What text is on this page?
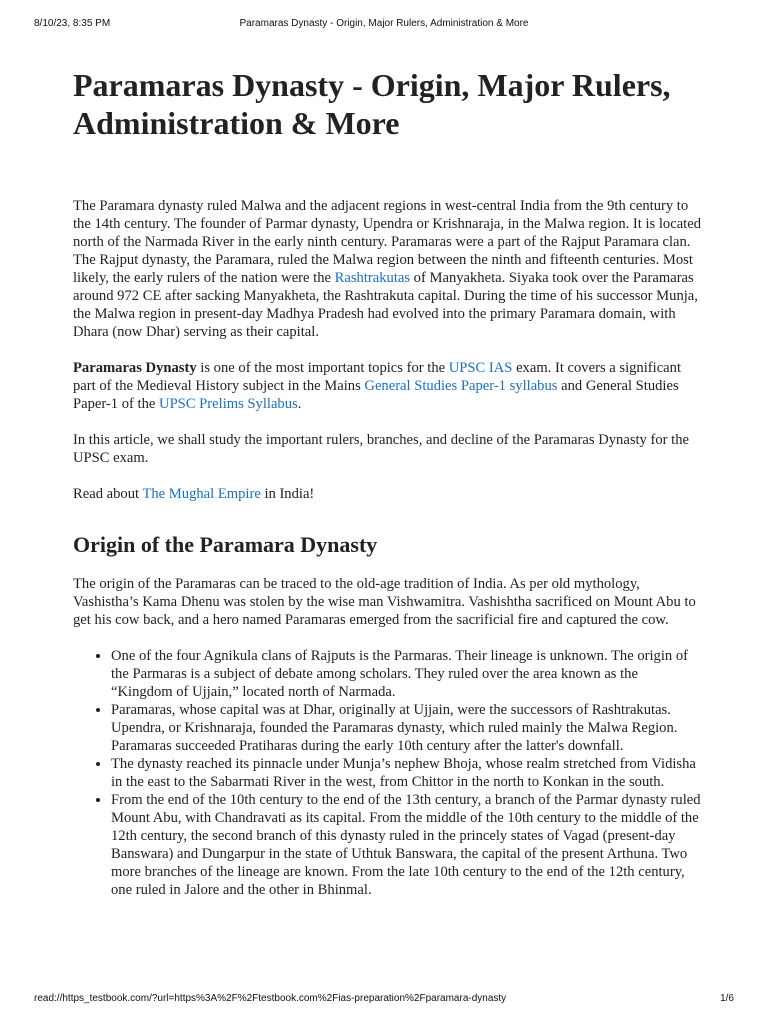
8/10/23, 8:35 PM	Paramaras Dynasty - Origin, Major Rulers, Administration & More
Paramaras Dynasty - Origin, Major Rulers, Administration & More

The Paramara dynasty ruled Malwa and the adjacent regions in west-central India from the 9th century to the 14th century. The founder of Parmar dynasty, Upendra or Krishnaraja, in the Malwa region. It is located north of the Narmada River in the early ninth century. Paramaras were a part of the Rajput Paramara clan. The Rajput dynasty, the Paramara, ruled the Malwa region between the ninth and fifteenth centuries. Most likely, the early rulers of the nation were the Rashtrakutas of Manyakheta. Siyaka took over the Paramaras around 972 CE after sacking Manyakheta, the Rashtrakuta capital. During the time of his successor Munja, the Malwa region in present-day Madhya Pradesh had evolved into the primary Paramara domain, with Dhara (now Dhar) serving as their capital.

Paramaras Dynasty is one of the most important topics for the UPSC IAS exam. It covers a significant part of the Medieval History subject in the Mains General Studies Paper-1 syllabus and General Studies Paper-1 of the UPSC Prelims Syllabus.

In this article, we shall study the important rulers, branches, and decline of the Paramaras Dynasty for the UPSC exam.

Read about The Mughal Empire in India!

Origin of the Paramara Dynasty

The origin of the Paramaras can be traced to the old-age tradition of India. As per old mythology, Vashistha’s Kama Dhenu was stolen by the wise man Vishwamitra. Vashishtha sacrificed on Mount Abu to get his cow back, and a hero named Paramaras emerged from the sacrificial fire and captured the cow.

• One of the four Agnikula clans of Rajputs is the Parmaras. Their lineage is unknown. The origin of the Parmaras is a subject of debate among scholars. They ruled over the area known as the “Kingdom of Ujjain,” located north of Narmada.
• Paramaras, whose capital was at Dhar, originally at Ujjain, were the successors of Rashtrakutas. Upendra, or Krishnaraja, founded the Paramaras dynasty, which ruled mainly the Malwa Region. Paramaras succeeded Pratiharas during the early 10th century after the latter's downfall.
• The dynasty reached its pinnacle under Munja’s nephew Bhoja, whose realm stretched from Vidisha in the east to the Sabarmati River in the west, from Chittor in the north to Konkan in the south.
• From the end of the 10th century to the end of the 13th century, a branch of the Parmar dynasty ruled Mount Abu, with Chandravati as its capital. From the middle of the 10th century to the middle of the 12th century, the second branch of this dynasty ruled in the princely states of Vagad (present-day Banswara) and Dungarpur in the state of Uthtuk Banswara, the capital of the present Arthuna. Two more branches of the lineage are known. From the late 10th century to the end of the 12th century, one ruled in Jalore and the other in Bhinmal.
read://https_testbook.com/?url=https%3A%2F%2Ftestbook.com%2Fias-preparation%2Fparamara-dynasty	1/6
